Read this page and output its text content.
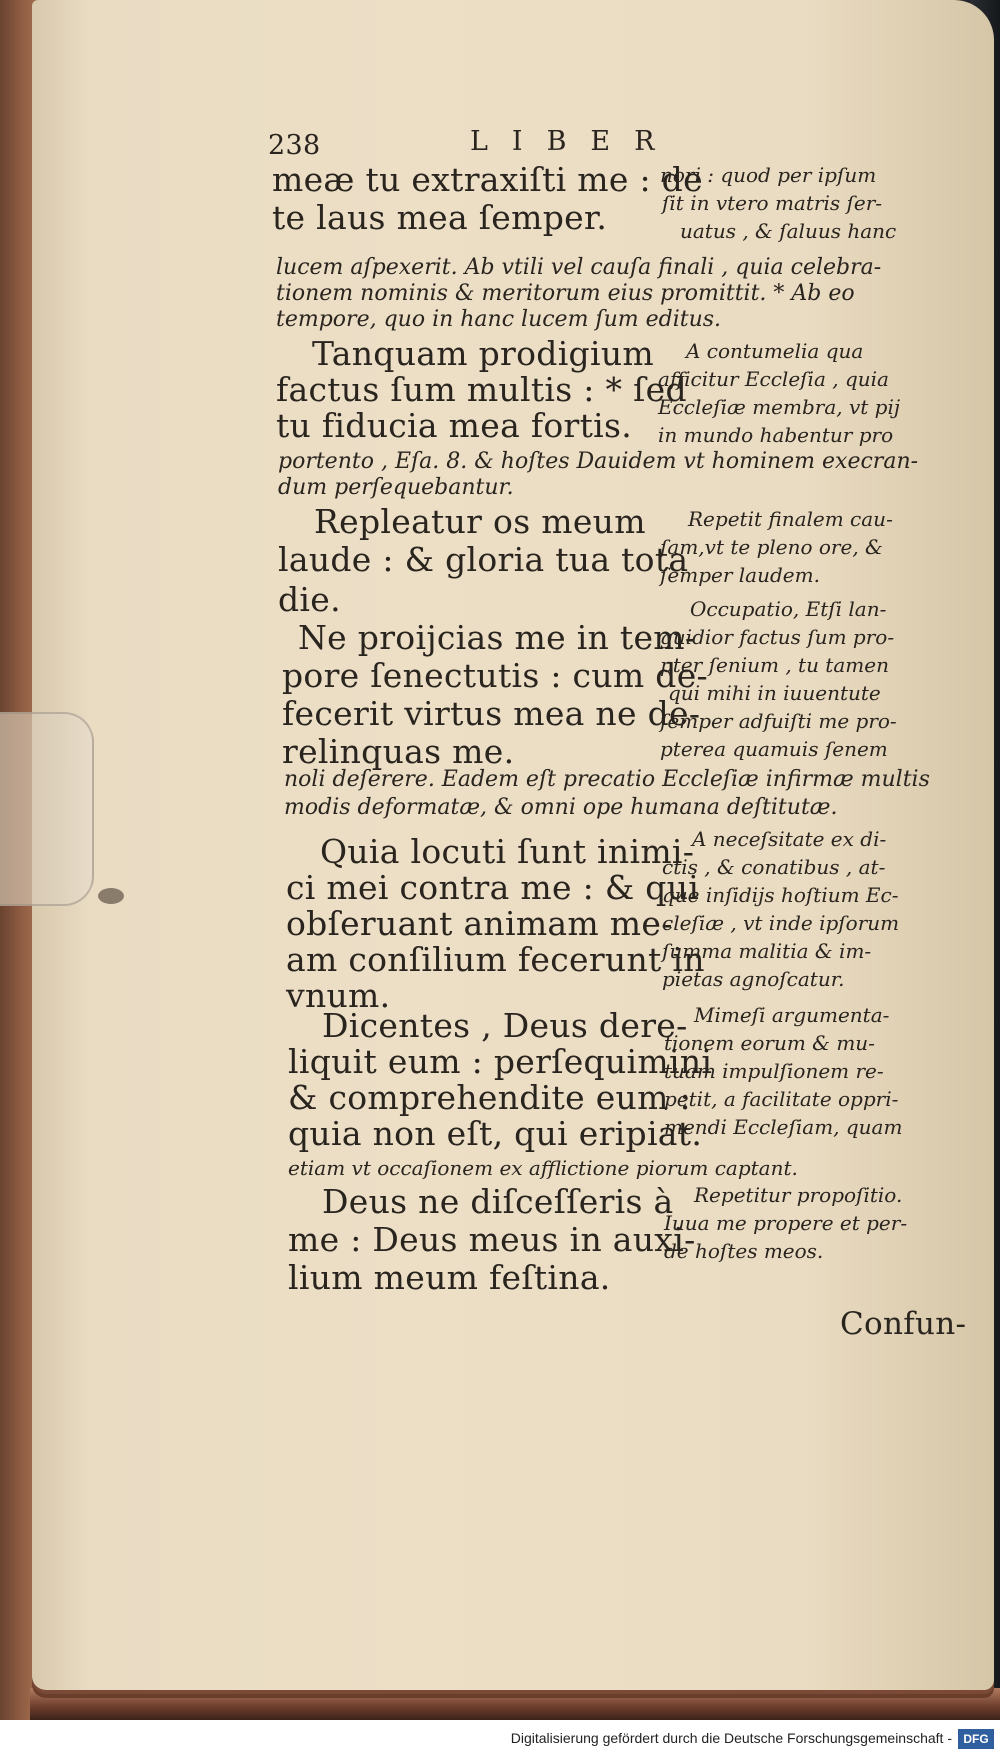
238	LIBER
meæ tu extraxiſti me : de
te laus mea ſemper.
nori : quod per ipſum
ſit in vtero matris ſer-
uatus , & ſaluus hanc
lucem aſpexerit. Ab vtili vel cauſa finali , quia celebra-
tionem nominis & meritorum eius promittit. * Ab eo
tempore, quo in hanc lucem ſum editus.
Tanquam prodigium
factus ſum multis : * ſed
tu fiducia mea fortis.
A contumelia qua
afficitur Eccleſia , quia
Eccleſiæ membra, vt pij
in mundo habentur pro
portento , Eſa. 8. & hoſtes Dauidem vt hominem execran-
dum perſequebantur.
Repleatur os meum
laude : & gloria tua tota
die.
Repetit finalem cau-
ſam,vt te pleno ore, &
ſemper laudem.
Ne proijcias me in tem-
pore ſenectutis : cum de-
fecerit virtus mea ne de-
relinquas me.
Occupatio, Etſi lan-
guidior factus ſum pro-
pter ſenium , tu tamen
qui mihi in iuuentute
ſemper adfuiſti me pro-
pterea quamuis ſenem
noli deſerere. Eadem eſt precatio Eccleſiæ infirmæ multis
modis deformatæ, & omni ope humana deſtitutæ.
Quia locuti ſunt inimi-
ci mei contra me : & qui
obſeruant animam me-
am conſilium fecerunt in
vnum.
A neceſsitate ex di-
ctis , & conatibus , at-
que inſidijs hoſtium Ec-
cleſiæ , vt inde ipſorum
ſumma malitia & im-
pietas agnoſcatur.
Dicentes , Deus dere-
liquit eum : perſequimini
& comprehendite eum :
quia non eſt, qui eripiat.
Mimeſi argumenta-
tionem eorum & mu-
tuam impulſionem re-
petit, a facilitate oppri-
mendi Eccleſiam, quam
etiam vt occaſionem ex afflictione piorum captant.
Deus ne diſceſſeris à
me : Deus meus in auxi-
lium meum feſtina.
Repetitur propoſitio.
Iuua me propere et per-
de hoſtes meos.
Confun-
Digitalisierung gefördert durch die Deutsche Forschungsgemeinschaft - DFG
